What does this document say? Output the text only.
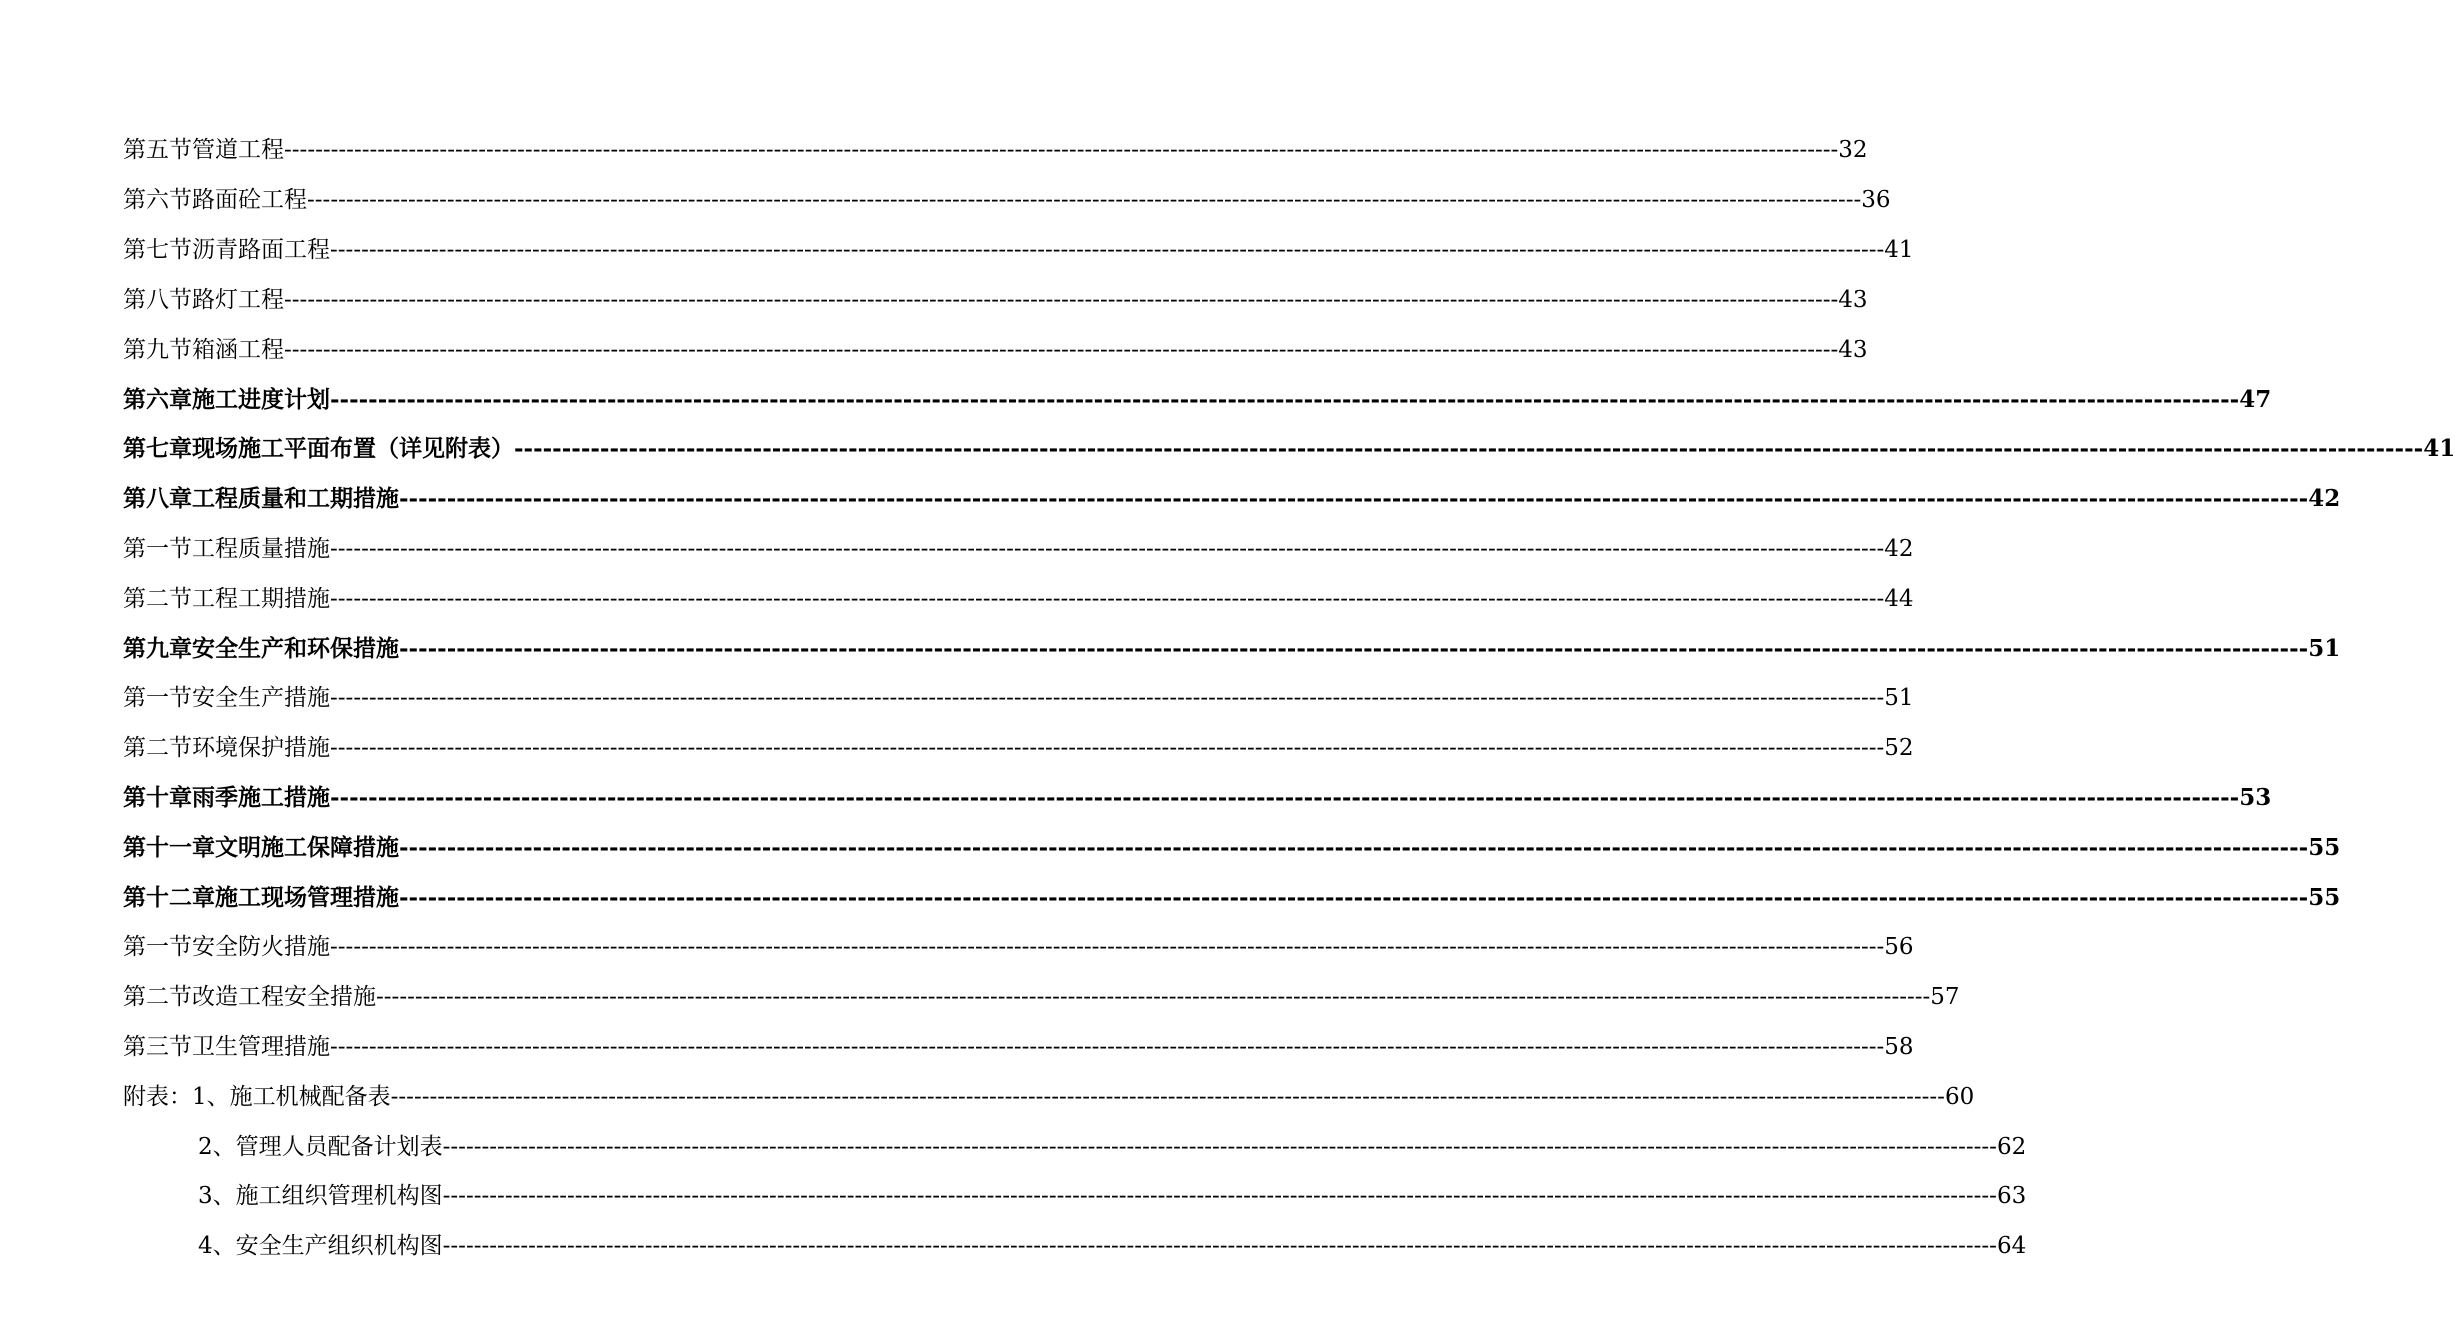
第五节 管道工程 -------------------------------------------------------------------------------------------------------------------------------------------------------------------------------------------------------- 32
第六节 路面砼工程 -------------------------------------------------------------------------------------------------------------------------------------------------------------------------------------------------------- 36
第七节 沥青路面工程 -------------------------------------------------------------------------------------------------------------------------------------------------------------------------------------------------------- 41
第八节 路灯工程 -------------------------------------------------------------------------------------------------------------------------------------------------------------------------------------------------------- 43
第九节 箱涵工程 -------------------------------------------------------------------------------------------------------------------------------------------------------------------------------------------------------- 43
第六章 施工进度计划 -------------------------------------------------------------------------------------------------------------------------------------------------------------------------------------------------------- 47
第七章 现场施工平面布置（详见附表） -------------------------------------------------------------------------------------------------------------------------------------------------------------------------------------------------------- 41
第八章 工程质量和工期措施 -------------------------------------------------------------------------------------------------------------------------------------------------------------------------------------------------------- 42
第一节 工程质量措施 -------------------------------------------------------------------------------------------------------------------------------------------------------------------------------------------------------- 42
第二节 工程工期措施 -------------------------------------------------------------------------------------------------------------------------------------------------------------------------------------------------------- 44
第九章 安全生产和环保措施 -------------------------------------------------------------------------------------------------------------------------------------------------------------------------------------------------------- 51
第一节 安全生产措施 -------------------------------------------------------------------------------------------------------------------------------------------------------------------------------------------------------- 51
第二节 环境保护措施 -------------------------------------------------------------------------------------------------------------------------------------------------------------------------------------------------------- 52
第十章 雨季施工措施 -------------------------------------------------------------------------------------------------------------------------------------------------------------------------------------------------------- 53
第十一章 文明施工保障措施 -------------------------------------------------------------------------------------------------------------------------------------------------------------------------------------------------------- 55
第十二章 施工现场管理措施 -------------------------------------------------------------------------------------------------------------------------------------------------------------------------------------------------------- 55
第一节 安全防火措施 -------------------------------------------------------------------------------------------------------------------------------------------------------------------------------------------------------- 56
第二节 改造工程安全措施 -------------------------------------------------------------------------------------------------------------------------------------------------------------------------------------------------------- 57
第三节 卫生管理措施 -------------------------------------------------------------------------------------------------------------------------------------------------------------------------------------------------------- 58
附表：1、 施工机械配备表 -------------------------------------------------------------------------------------------------------------------------------------------------------------------------------------------------------- 60
2、 管理人员配备计划表 -------------------------------------------------------------------------------------------------------------------------------------------------------------------------------------------------------- 62
3、 施工组织管理机构图 -------------------------------------------------------------------------------------------------------------------------------------------------------------------------------------------------------- 63
4、 安全生产组织机构图 -------------------------------------------------------------------------------------------------------------------------------------------------------------------------------------------------------- 64
